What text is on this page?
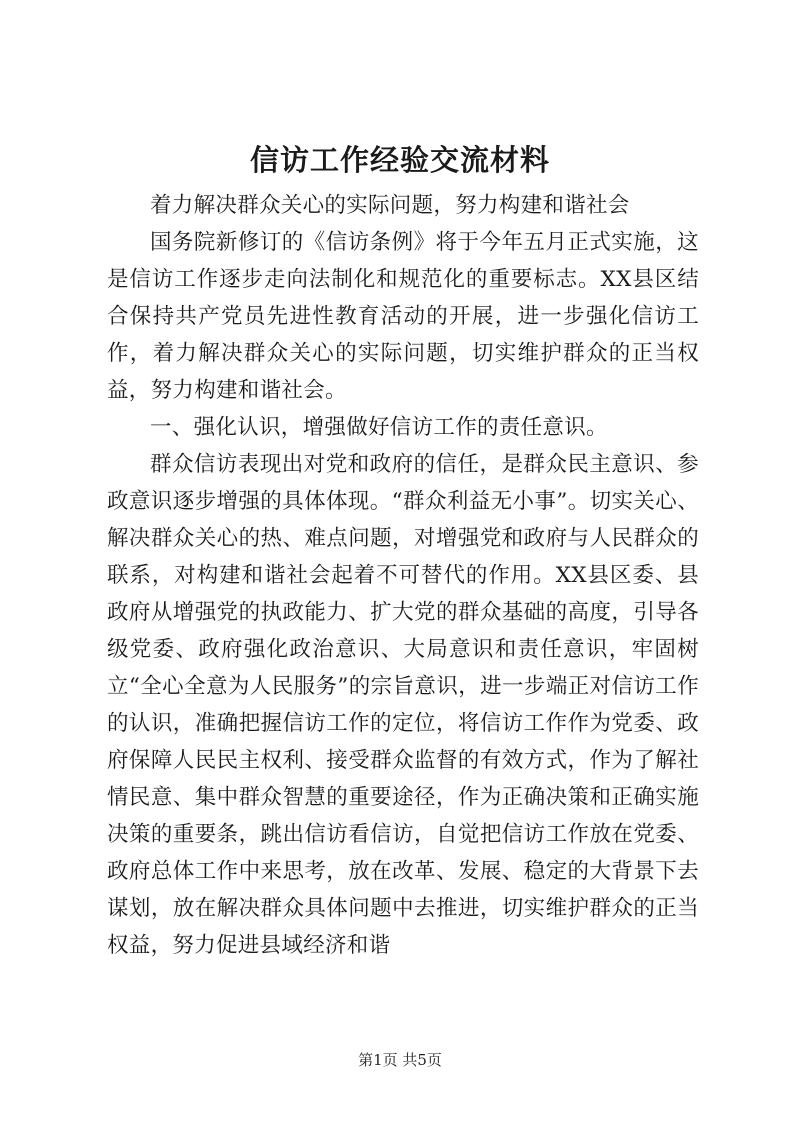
信访工作经验交流材料

着力解决群众关心的实际问题，努力构建和谐社会

国务院新修订的《信访条例》将于今年五月正式实施，这是信访工作逐步走向法制化和规范化的重要标志。XX县区结合保持共产党员先进性教育活动的开展，进一步强化信访工作，着力解决群众关心的实际问题，切实维护群众的正当权益，努力构建和谐社会。

一、强化认识，增强做好信访工作的责任意识。

群众信访表现出对党和政府的信任，是群众民主意识、参政意识逐步增强的具体体现。“群众利益无小事”。切实关心、解决群众关心的热、难点问题，对增强党和政府与人民群众的联系，对构建和谐社会起着不可替代的作用。XX县区委、县政府从增强党的执政能力、扩大党的群众基础的高度，引导各级党委、政府强化政治意识、大局意识和责任意识，牢固树立“全心全意为人民服务”的宗旨意识，进一步端正对信访工作的认识，准确把握信访工作的定位，将信访工作作为党委、政府保障人民民主权利、接受群众监督的有效方式，作为了解社情民意、集中群众智慧的重要途径，作为正确决策和正确实施决策的重要条，跳出信访看信访，自觉把信访工作放在党委、政府总体工作中来思考，放在改革、发展、稳定的大背景下去谋划，放在解决群众具体问题中去推进，切实维护群众的正当权益，努力促进县域经济和谐

第1页 共5页
